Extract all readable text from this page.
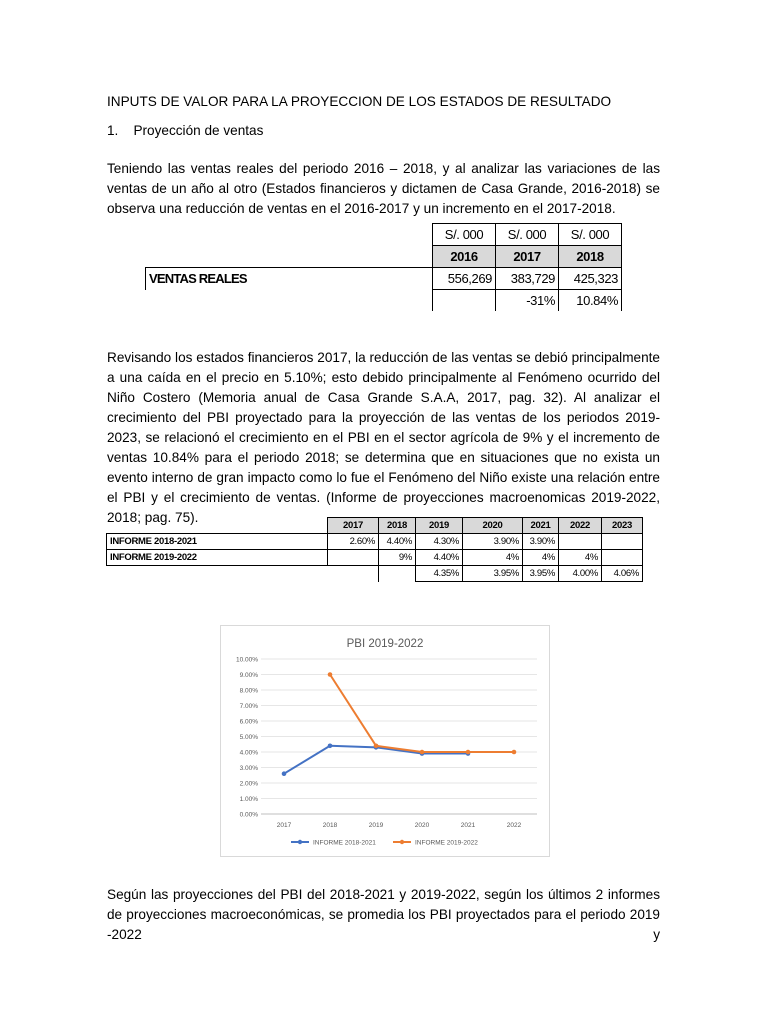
INPUTS DE VALOR PARA LA PROYECCION DE LOS ESTADOS DE RESULTADO
1.    Proyección de ventas
Teniendo las ventas reales del periodo 2016 – 2018, y al analizar las variaciones de las ventas de un año al otro (Estados financieros y dictamen de Casa Grande, 2016-2018) se observa una reducción de ventas en el 2016-2017 y un incremento en el 2017-2018.
	S/. 000	S/. 000	S/. 000
	2016	2017	2018
VENTAS REALES	556,269	383,729	425,323
		-31%	10.84%
Revisando los estados financieros 2017, la reducción de las ventas se debió principalmente a una caída en el precio en 5.10%; esto debido principalmente al Fenómeno ocurrido del Niño Costero (Memoria anual de Casa Grande S.A.A, 2017, pag. 32). Al analizar el crecimiento del PBI proyectado para la proyección de las ventas de los periodos 2019-2023, se relacionó el crecimiento en el PBI en el sector agrícola de 9% y el incremento de ventas 10.84% para el periodo 2018; se determina que en situaciones que no exista un evento interno de gran impacto como lo fue el Fenómeno del Niño existe una relación entre el PBI y el crecimiento de ventas. (Informe de proyecciones macroenomicas 2019-2022, 2018; pag. 75).
	2017	2018	2019	2020	2021	2022	2023
INFORME 2018-2021	2.60%	4.40%	4.30%	3.90%	3.90%		
INFORME 2019-2022		9%	4.40%	4%	4%	4%	
			4.35%	3.95%	3.95%	4.00%	4.06%
PBI 2019-2022
0.00%
1.00%
2.00%
3.00%
4.00%
5.00%
6.00%
7.00%
8.00%
9.00%
10.00%
2017	2018	2019	2020	2021	2022
INFORME 2018-2021	INFORME 2019-2022
Según las proyecciones del PBI del 2018-2021 y 2019-2022, según los últimos 2 informes de proyecciones macroeconómicas, se promedia los PBI proyectados para el periodo 2019 -2022 y
